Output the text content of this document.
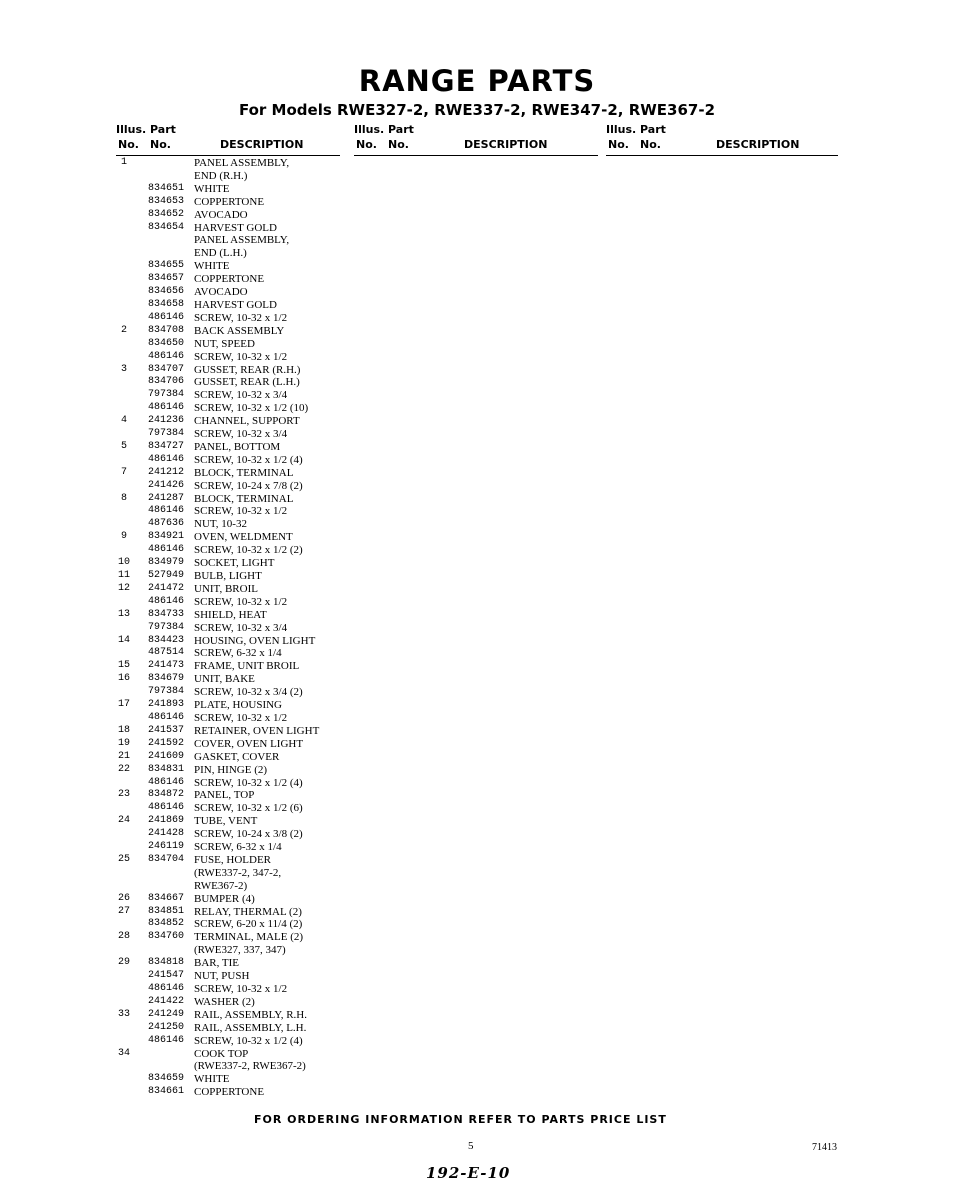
RANGE PARTS
For Models RWE327-2, RWE337-2, RWE347-2, RWE367-2
Illus. Part
No. No.	DESCRIPTION
1	PANEL ASSEMBLY,
END (R.H.)
834651 WHITE
834653 COPPERTONE
834652 AVOCADO
834654 HARVEST GOLD
PANEL ASSEMBLY,
END (L.H.)
834655 WHITE
834657 COPPERTONE
834656 AVOCADO
834658 HARVEST GOLD
486146 SCREW, 10-32 x 1/2
2	834708 BACK ASSEMBLY
834650 NUT, SPEED
486146 SCREW, 10-32 x 1/2
3	834707 GUSSET, REAR (R.H.)
834706 GUSSET, REAR (L.H.)
797384 SCREW, 10-32 x 3/4
486146 SCREW, 10-32 x 1/2 (10)
4	241236 CHANNEL, SUPPORT
797384 SCREW, 10-32 x 3/4
5	834727 PANEL, BOTTOM
486146 SCREW, 10-32 x 1/2 (4)
7	241212 BLOCK, TERMINAL
241426 SCREW, 10-24 x 7/8 (2)
8	241287 BLOCK, TERMINAL
486146 SCREW, 10-32 x 1/2
487636 NUT, 10-32
9	834921 OVEN, WELDMENT
486146 SCREW, 10-32 x 1/2 (2)
10	834979 SOCKET, LIGHT
11	527949 BULB, LIGHT
12	241472 UNIT, BROIL
486146 SCREW, 10-32 x 1/2
13	834733 SHIELD, HEAT
797384 SCREW, 10-32 x 3/4
14	834423 HOUSING, OVEN LIGHT
487514 SCREW, 6-32 x 1/4
15	241473 FRAME, UNIT BROIL
16	834679 UNIT, BAKE
797384 SCREW, 10-32 x 3/4 (2)
17	241893 PLATE, HOUSING
486146 SCREW, 10-32 x 1/2
18	241537 RETAINER, OVEN LIGHT
19	241592 COVER, OVEN LIGHT
21	241609 GASKET, COVER
22	834831 PIN, HINGE (2)
486146 SCREW, 10-32 x 1/2 (4)
23	834872 PANEL, TOP
486146 SCREW, 10-32 x 1/2 (6)
24	241869 TUBE, VENT
241428 SCREW, 10-24 x 3/8 (2)
246119 SCREW, 6-32 x 1/4
25	834704 FUSE, HOLDER
(RWE337-2, 347-2,
RWE367-2)
26	834667 BUMPER (4)
27	834851 RELAY, THERMAL (2)
834852 SCREW, 6-20 x 11/4 (2)
28	834760 TERMINAL, MALE (2)
(RWE327, 337, 347)
29	834818 BAR, TIE
241547 NUT, PUSH
486146 SCREW, 10-32 x 1/2
241422 WASHER (2)
33	241249 RAIL, ASSEMBLY, R.H.
241250 RAIL, ASSEMBLY, L.H.
486146 SCREW, 10-32 x 1/2 (4)
34	COOK TOP
(RWE337-2, RWE367-2)
834659 WHITE
834661 COPPERTONE
Illus. Part
No. No.	DESCRIPTION
Illus. Part
No. No.	DESCRIPTION
FOR ORDERING INFORMATION REFER TO PARTS PRICE LIST
5	71413
192-E-10
